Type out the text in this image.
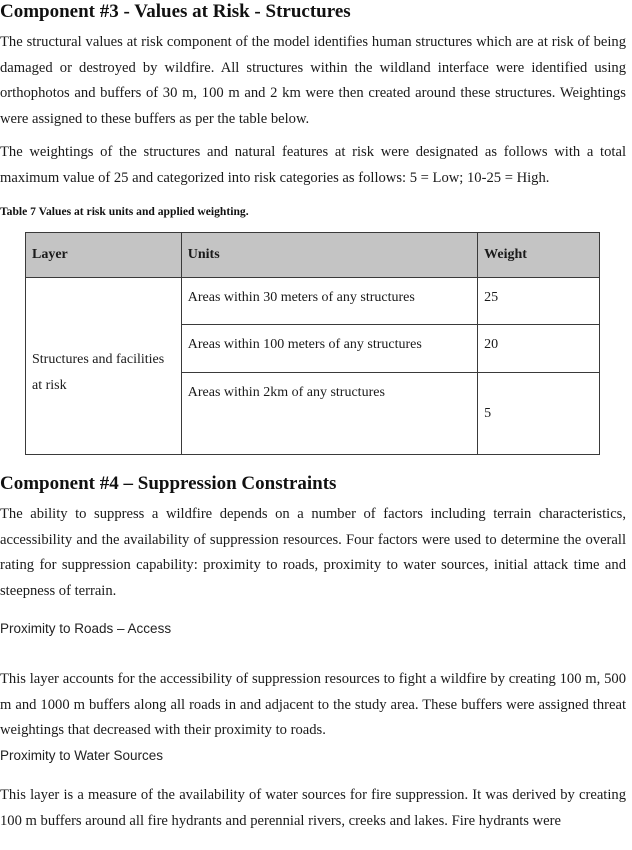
Component #3 - Values at Risk - Structures

The structural values at risk component of the model identifies human structures which are at risk of being damaged or destroyed by wildfire. All structures within the wildland interface were identified using orthophotos and buffers of 30 m, 100 m and 2 km were then created around these structures. Weightings were assigned to these buffers as per the table below.

The weightings of the structures and natural features at risk were designated as follows with a total maximum value of 25 and categorized into risk categories as follows: 5 = Low; 10-25 = High.

Table 7 Values at risk units and applied weighting.

Layer	Units	Weight
Structures and facilities at risk	Areas within 30 meters of any structures	25
	Areas within 100 meters of any structures	20
	Areas within 2km of any structures	5
Component #4 – Suppression Constraints

The ability to suppress a wildfire depends on a number of factors including terrain characteristics, accessibility and the availability of suppression resources. Four factors were used to determine the overall rating for suppression capability: proximity to roads, proximity to water sources, initial attack time and steepness of terrain.

Proximity to Roads – Access

This layer accounts for the accessibility of suppression resources to fight a wildfire by creating 100 m, 500 m and 1000 m buffers along all roads in and adjacent to the study area. These buffers were assigned threat weightings that decreased with their proximity to roads.

Proximity to Water Sources

This layer is a measure of the availability of water sources for fire suppression. It was derived by creating 100 m buffers around all fire hydrants and perennial rivers, creeks and lakes. Fire hydrants were
